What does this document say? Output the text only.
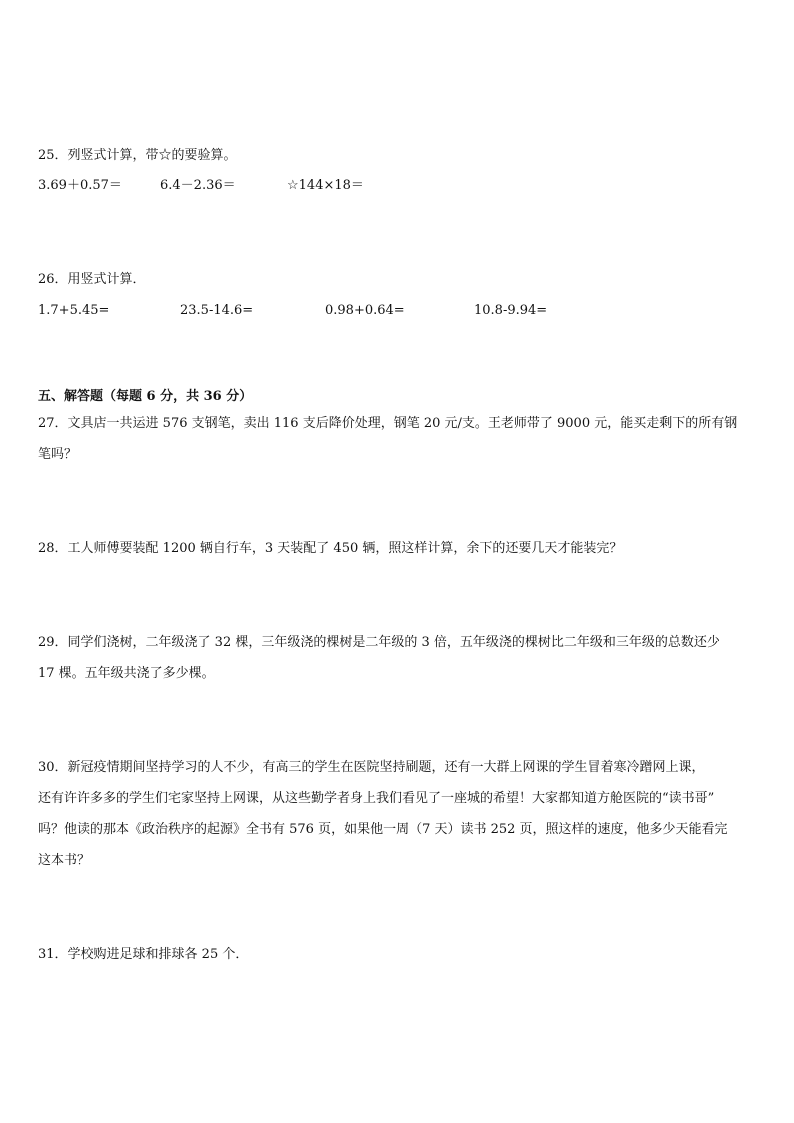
25．列竖式计算，带☆的要验算。
3.69＋0.57＝	6.4－2.36＝	☆144×18＝
26．用竖式计算．
1.7+5.45=	23.5-14.6=	0.98+0.64=	10.8-9.94=
五、解答题（每题 6 分，共 36 分）
27．文具店一共运进 576 支钢笔，卖出 116 支后降价处理，钢笔 20 元/支。王老师带了 9000 元，能买走剩下的所有钢
笔吗？
28．工人师傅要装配 1200 辆自行车，3 天装配了 450 辆，照这样计算，余下的还要几天才能装完？
29．同学们浇树，二年级浇了 32 棵，三年级浇的棵树是二年级的 3 倍，五年级浇的棵树比二年级和三年级的总数还少
17 棵。五年级共浇了多少棵。
30．新冠疫情期间坚持学习的人不少，有高三的学生在医院坚持刷题，还有一大群上网课的学生冒着寒冷蹭网上课，
还有许许多多的学生们宅家坚持上网课，从这些勤学者身上我们看见了一座城的希望！大家都知道方舱医院的“读书哥”
吗？他读的那本《政治秩序的起源》全书有 576 页，如果他一周（7 天）读书 252 页，照这样的速度，他多少天能看完
这本书？
31．学校购进足球和排球各 25 个．
